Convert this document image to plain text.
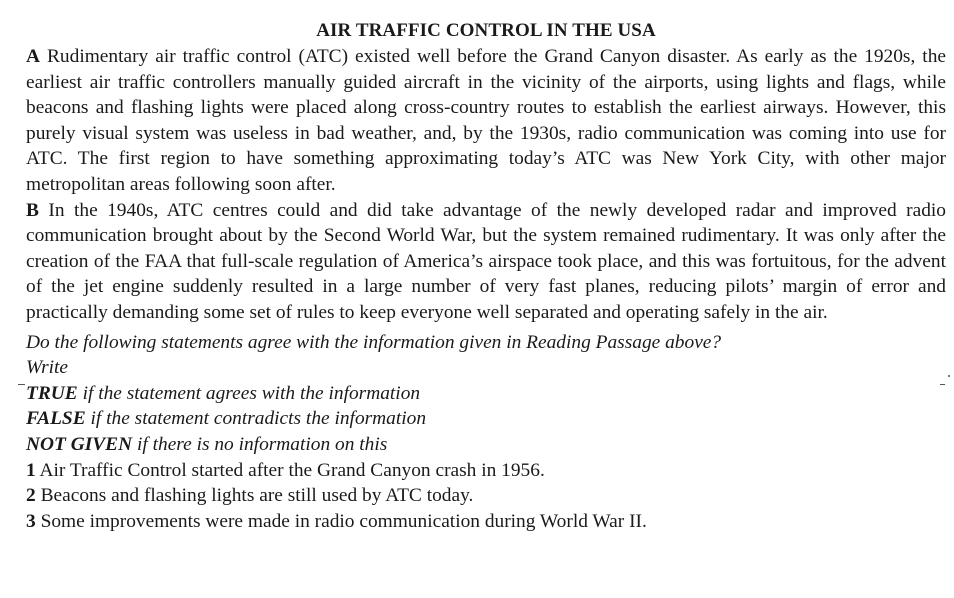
AIR TRAFFIC CONTROL IN THE USA

A Rudimentary air traffic control (ATC) existed well before the Grand Canyon disaster. As early as the 1920s, the earliest air traffic controllers manually guided aircraft in the vicinity of the airports, using lights and flags, while beacons and flashing lights were placed along cross-country routes to establish the earliest airways. However, this purely visual system was useless in bad weather, and, by the 1930s, radio communication was coming into use for ATC. The first region to have something approximating today’s ATC was New York City, with other major metropolitan areas following soon after.

B In the 1940s, ATC centres could and did take advantage of the newly developed radar and improved radio communication brought about by the Second World War, but the system remained rudimentary. It was only after the creation of the FAA that full-scale regulation of America’s airspace took place, and this was fortuitous, for the advent of the jet engine suddenly resulted in a large number of very fast planes, reducing pilots’ margin of error and practically demanding some set of rules to keep everyone well separated and operating safely in the air.

Do the following statements agree with the information given in Reading Passage above?
Write
TRUE if the statement agrees with the information
FALSE if the statement contradicts the information
NOT GIVEN if there is no information on this

1 Air Traffic Control started after the Grand Canyon crash in 1956.

2 Beacons and flashing lights are still used by ATC today.

3 Some improvements were made in radio communication during World War II.
